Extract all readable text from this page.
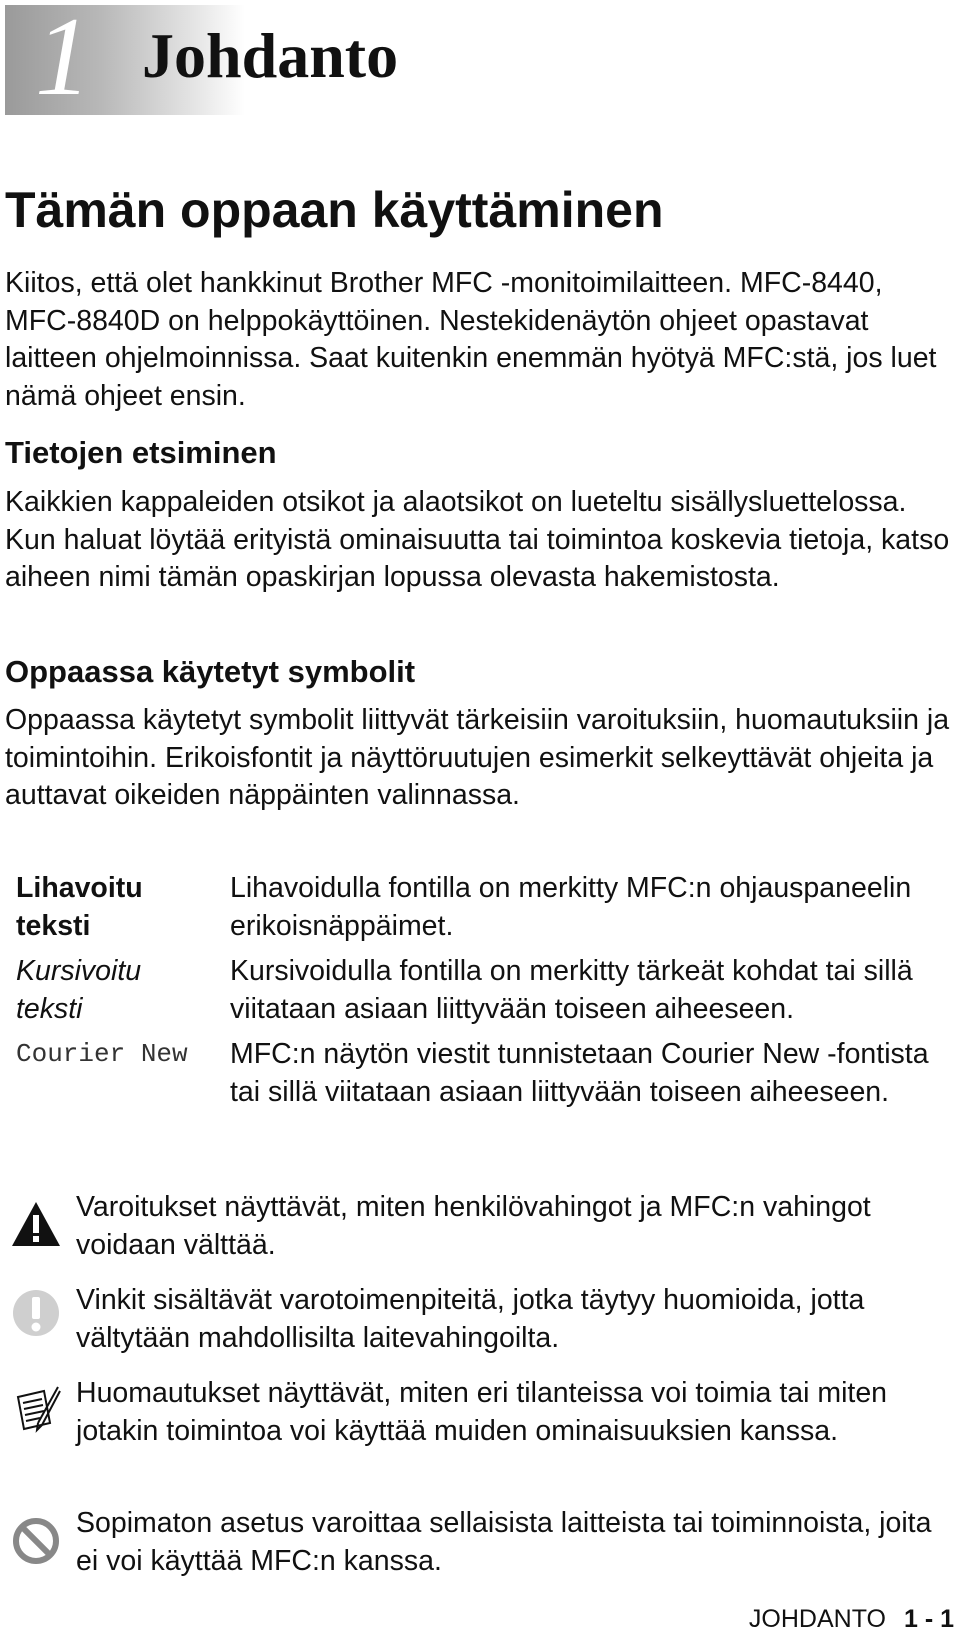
1 Johdanto
Tämän oppaan käyttäminen

Kiitos, että olet hankkinut Brother MFC -monitoimilaitteen. MFC-8440, MFC-8840D on helppokäyttöinen. Nestekidenäytön ohjeet opastavat laitteen ohjelmoinnissa. Saat kuitenkin enemmän hyötyä MFC:stä, jos luet nämä ohjeet ensin.

Tietojen etsiminen

Kaikkien kappaleiden otsikot ja alaotsikot on lueteltu sisällysluettelossa. Kun haluat löytää erityistä ominaisuutta tai toimintoa koskevia tietoja, katso aiheen nimi tämän opaskirjan lopussa olevasta hakemistosta.

Oppaassa käytetyt symbolit

Oppaassa käytetyt symbolit liittyvät tärkeisiin varoituksiin, huomautuksiin ja toimintoihin. Erikoisfontit ja näyttöruutujen esimerkit selkeyttävät ohjeita ja auttavat oikeiden näppäinten valinnassa.

Lihavoitu teksti

Lihavoidulla fontilla on merkitty MFC:n ohjauspaneelin erikoisnäppäimet.

Kursivoitu teksti

Kursivoidulla fontilla on merkitty tärkeät kohdat tai sillä viitataan asiaan liittyvään toiseen aiheeseen.

Courier New	MFC:n näytön viestit tunnistetaan Courier New -fontista tai sillä viitataan asiaan liittyvään toiseen aiheeseen.

Varoitukset näyttävät, miten henkilövahingot ja MFC:n vahingot voidaan välttää.

Vinkit sisältävät varotoimenpiteitä, jotka täytyy huomioida, jotta vältytään mahdollisilta laitevahingoilta.

Huomautukset näyttävät, miten eri tilanteissa voi toimia tai miten jotakin toimintoa voi käyttää muiden ominaisuuksien kanssa.

Sopimaton asetus varoittaa sellaisista laitteista tai toiminnoista, joita ei voi käyttää MFC:n kanssa.

JOHDANTO 1 - 1
